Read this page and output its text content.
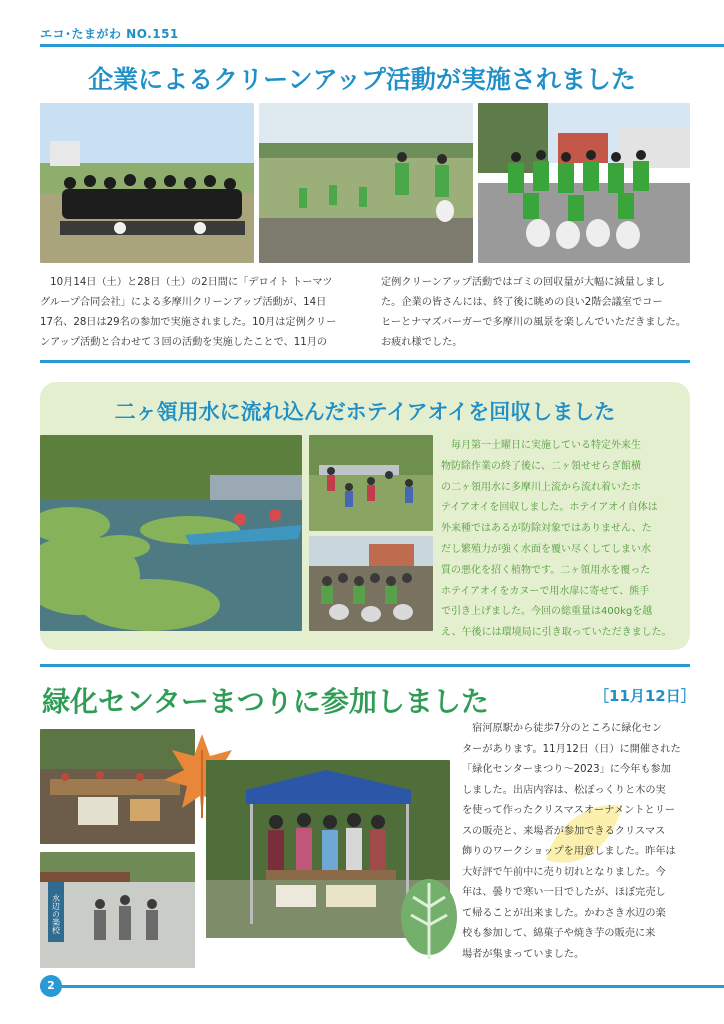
エコ･たまがわ NO.151
企業によるクリーンアップ活動が実施されました
　10月14日（土）と28日（土）の2日間に「デロイト トーマツ
グループ合同会社」による多摩川クリーンアップ活動が、14日
17名、28日は29名の参加で実施されました。10月は定例クリー
ンアップ活動と合わせて３回の活動を実施したことで、11月の
定例クリーンアップ活動ではゴミの回収量が大幅に減量しまし
た。企業の皆さんには、終了後に眺めの良い2階会議室でコー
ヒーとナマズバーガーで多摩川の風景を楽しんでいただきました。
お疲れ様でした。
二ヶ領用水に流れ込んだホテイアオイを回収しました
　毎月第一土曜日に実施している特定外来生
物防除作業の終了後に、二ヶ領せせらぎ館横
の二ヶ領用水に多摩川上流から流れ着いたホ
テイアオイを回収しました。ホテイアオイ自体は
外来種ではあるが防除対象ではありません、た
だし繁殖力が強く水面を覆い尽くしてしまい水
質の悪化を招く植物です。二ヶ領用水を覆った
ホテイアオイをカヌーで用水扉に寄せて、熊手
で引き上げました。今回の総重量は400kgを越
え、午後には環境局に引き取っていただきました。
緑化センターまつりに参加しました	［11月12日］
水辺の楽校
　宿河原駅から徒歩7分のところに緑化セン
ターがあります。11月12日（日）に開催された
「緑化センターまつり～2023」に今年も参加
しました。出店内容は、松ぼっくりと木の実
を使って作ったクリスマスオーナメントとリー
スの販売と、来場者が参加できるクリスマス
飾りのワークショップを用意しました。昨年は
大好評で午前中に売り切れとなりました。今
年は、曇りで寒い一日でしたが、ほぼ完売し
て帰ることが出来ました。かわさき水辺の楽
校も参加して、綿菓子や焼き芋の販売に来
場者が集まっていました。
2
